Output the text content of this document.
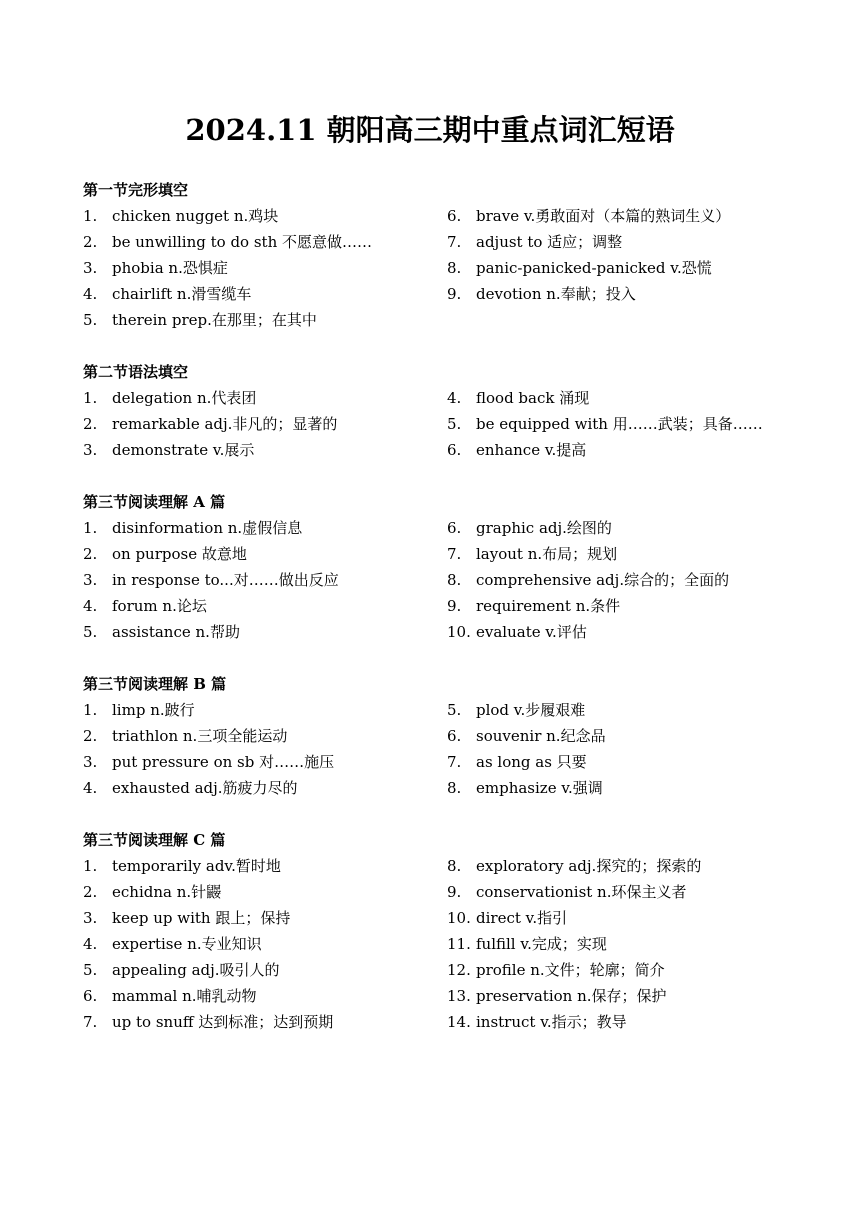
2024.11 朝阳高三期中重点词汇短语
第一节完形填空
1. chicken nugget n.鸡块
2. be unwilling to do sth 不愿意做……
3. phobia n.恐惧症
4. chairlift n.滑雪缆车
5. therein prep.在那里；在其中
6. brave v.勇敢面对（本篇的熟词生义）
7. adjust to 适应；调整
8. panic-panicked-panicked v.恐慌
9. devotion n.奉献；投入
第二节语法填空
1. delegation n.代表团
2. remarkable adj.非凡的；显著的
3. demonstrate v.展示
4. flood back 涌现
5. be equipped with 用……武装；具备……
6. enhance v.提高
第三节阅读理解 A 篇
1. disinformation n.虚假信息
2. on purpose 故意地
3. in response to...对……做出反应
4. forum n.论坛
5. assistance n.帮助
6. graphic adj.绘图的
7. layout n.布局；规划
8. comprehensive adj.综合的；全面的
9. requirement n.条件
10. evaluate v.评估
第三节阅读理解 B 篇
1. limp n.跛行
2. triathlon n.三项全能运动
3. put pressure on sb 对……施压
4. exhausted adj.筋疲力尽的
5. plod v.步履艰难
6. souvenir n.纪念品
7. as long as 只要
8. emphasize v.强调
第三节阅读理解 C 篇
1. temporarily adv.暂时地
2. echidna n.针鼹
3. keep up with 跟上；保持
4. expertise n.专业知识
5. appealing adj.吸引人的
6. mammal n.哺乳动物
7. up to snuff 达到标准；达到预期
8. exploratory adj.探究的；探索的
9. conservationist n.环保主义者
10. direct v.指引
11. fulfill v.完成；实现
12. profile n.文件；轮廓；简介
13. preservation n.保存；保护
14. instruct v.指示；教导
